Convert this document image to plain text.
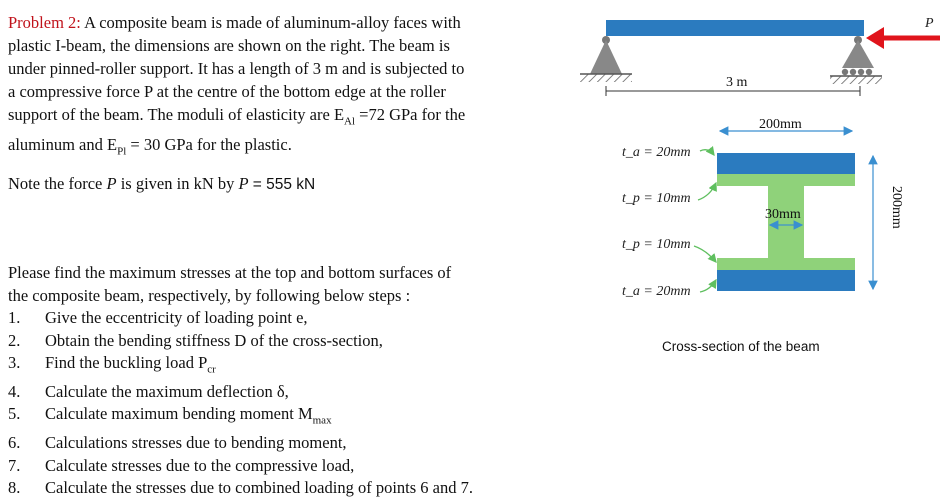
Problem 2: A composite beam is made of aluminum-alloy faces with
plastic I-beam, the dimensions are shown on the right. The beam is
under pinned-roller support. It has a length of 3 m and is subjected to
a compressive force P at the centre of the bottom edge at the roller
support of the beam. The moduli of elasticity are $E_{Al} =72$ GPa for the
aluminum and $E_{Pl} = 30$ GPa for the plastic.
Note the force P is given in kN by P = 555 kN
Please find the maximum stresses at the top and bottom surfaces of
the composite beam, respectively, by following below steps :
1.	Give the eccentricity of loading point e,
2.	Obtain the bending stiffness D of the cross-section,
3.	Find the buckling load $P_{cr}$
4.	Calculate the maximum deflection δ,
5.	Calculate maximum bending moment $M_{max}$
6.	Calculations stresses due to bending moment,
7.	Calculate stresses due to the compressive load,
8.	Calculate the stresses due to combined loading of points 6 and 7.
P
3 m
200mm
30mm	200mm
t_a = 20mm
t_p = 10mm
t_p = 10mm
t_a = 20mm
Cross-section of the beam
